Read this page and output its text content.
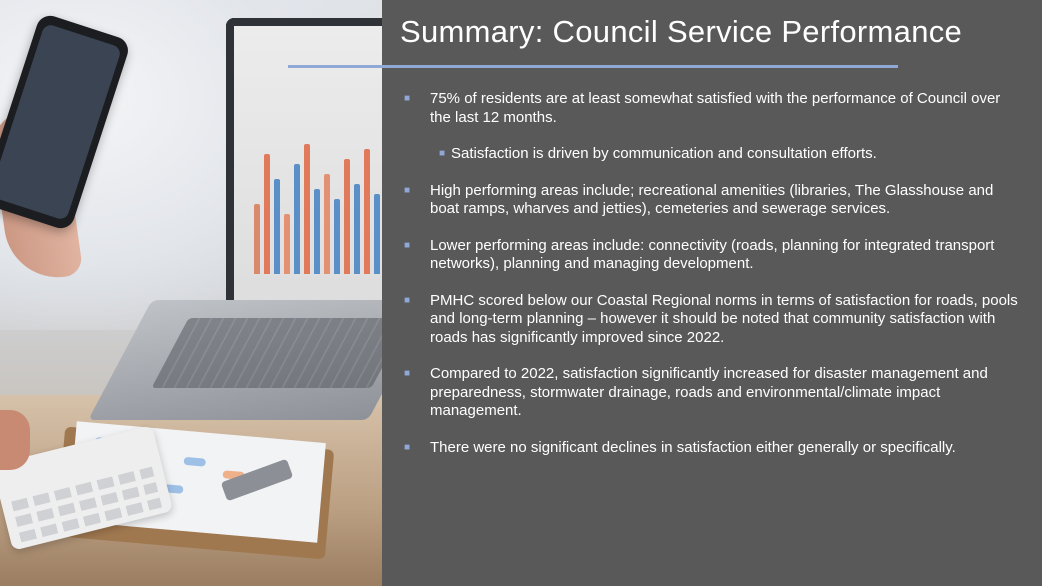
Summary: Council Service Performance

■ 75% of residents are at least somewhat satisfied with the performance of Council over the last 12 months.

■ Satisfaction is driven by communication and consultation efforts.

■ High performing areas include; recreational amenities (libraries, The Glasshouse and boat ramps, wharves and jetties), cemeteries and sewerage services.

■ Lower performing areas include: connectivity (roads, planning for integrated transport networks), planning and managing development.

■ PMHC scored below our Coastal Regional norms in terms of satisfaction for roads, pools and long-term planning – however it should be noted that community satisfaction with roads has significantly improved since 2022.

■ Compared to 2022, satisfaction significantly increased for disaster management and preparedness, stormwater drainage, roads and environmental/climate impact management.

■ There were no significant declines in satisfaction either generally or specifically.
